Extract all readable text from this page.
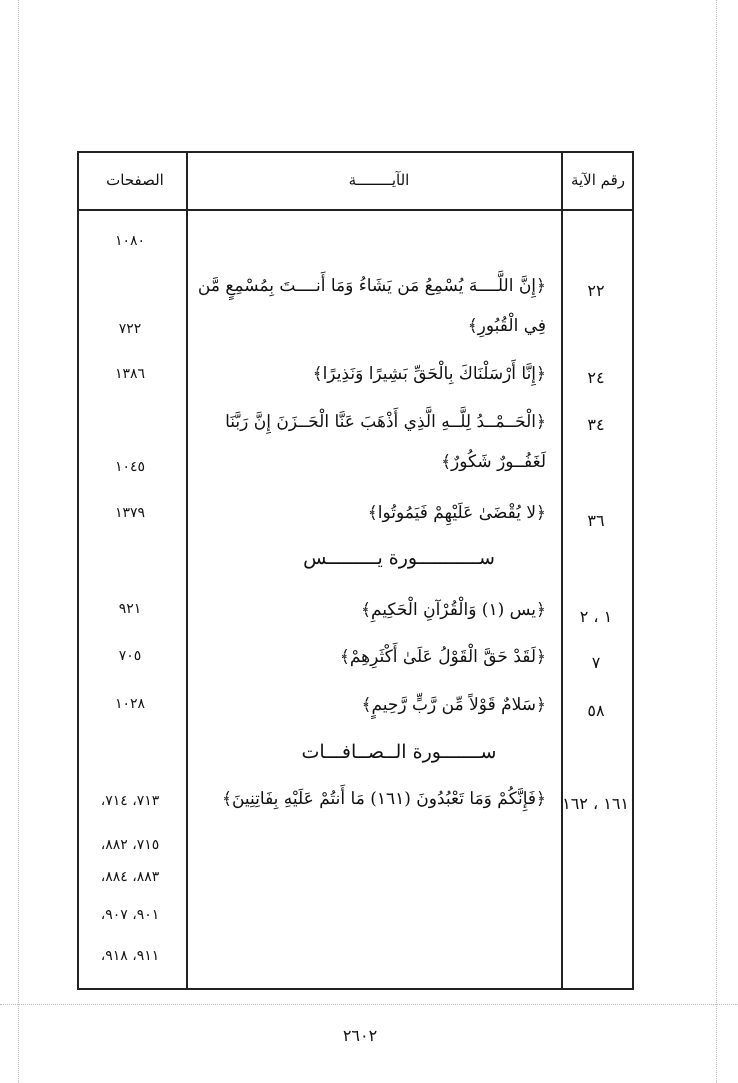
الصفحات	الآيــــــــة	رقم الآية
١٠٨٠
٢٢
﴿إِنَّ اللَّــــهَ يُسْمِعُ مَن يَشَاءُ وَمَا أَنــــتَ بِمُسْمِعٍ مَّن فِي الْقُبُورِ﴾
٧٢٢
٢٤
﴿إِنَّا أَرْسَلْنَاكَ بِالْحَقِّ بَشِيرًا وَنَذِيرًا﴾
١٣٨٦
٣٤
﴿الْحَــمْــدُ لِلَّــهِ الَّذِي أَذْهَبَ عَنَّا الْحَــزَنَ إِنَّ رَبَّنَا لَغَفُــورٌ شَكُورٌ﴾
١٠٤٥
٣٦
﴿لا يُقْضَىٰ عَلَيْهِمْ فَيَمُوتُوا﴾
١٣٧٩
ســـــــــــورة يـــــــــس
١ ، ٢
﴿يس (١) وَالْقُرْآنِ الْحَكِيمِ﴾
٩٢١
٧
﴿لَقَدْ حَقَّ الْقَوْلُ عَلَىٰ أَكْثَرِهِمْ﴾
٧٠٥
٥٨
﴿سَلامٌ قَوْلاً مِّن رَّبٍّ رَّحِيمٍ﴾
١٠٢٨
ســـــــورة الــصــافـــات
١٦١ ، ١٦٢
﴿فَإِنَّكُمْ وَمَا تَعْبُدُونَ (١٦١) مَا أَنتُمْ عَلَيْهِ بِفَاتِنِينَ﴾
٧١٣، ٧١٤،
٧١٥، ٨٨٢،
٨٨٣، ٨٨٤،
٩٠١، ٩٠٧،
٩١١، ٩١٨،
٢٦٠٢
